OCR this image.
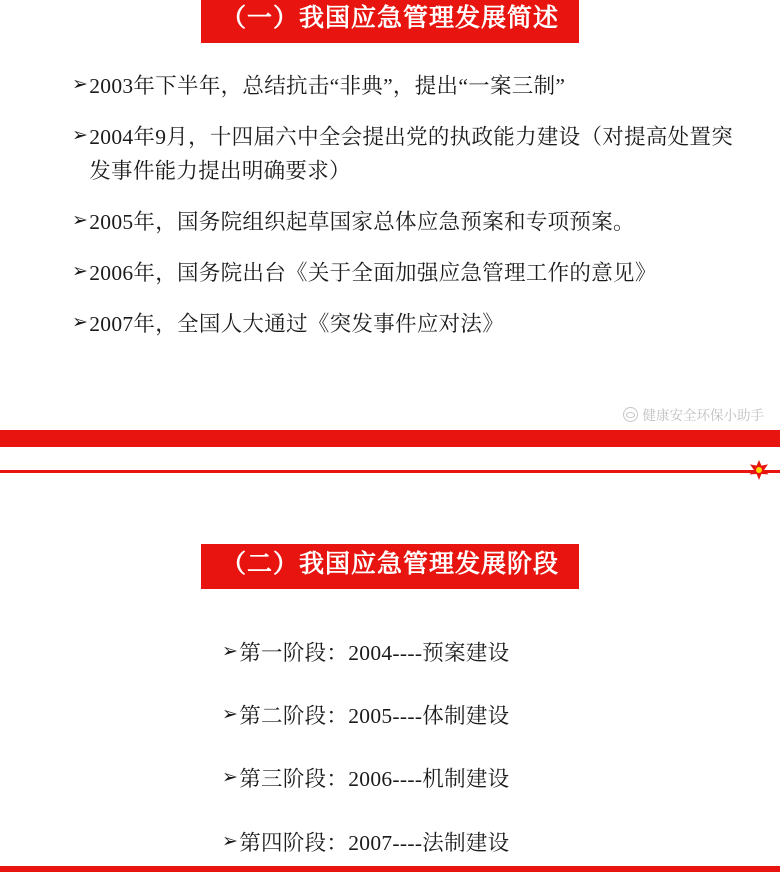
（一）我国应急管理发展简述
➢ 2003年下半年，总结抗击“非典”，提出“一案三制”
➢ 2004年9月，十四届六中全会提出党的执政能力建设（对提高处置突发事件能力提出明确要求）
➢ 2005年，国务院组织起草国家总体应急预案和专项预案。
➢ 2006年，国务院出台《关于全面加强应急管理工作的意见》
➢ 2007年，全国人大通过《突发事件应对法》
健康安全环保小助手
（二）我国应急管理发展阶段
➢ 第一阶段：2004----预案建设
➢ 第二阶段：2005----体制建设
➢ 第三阶段：2006----机制建设
➢ 第四阶段：2007----法制建设
